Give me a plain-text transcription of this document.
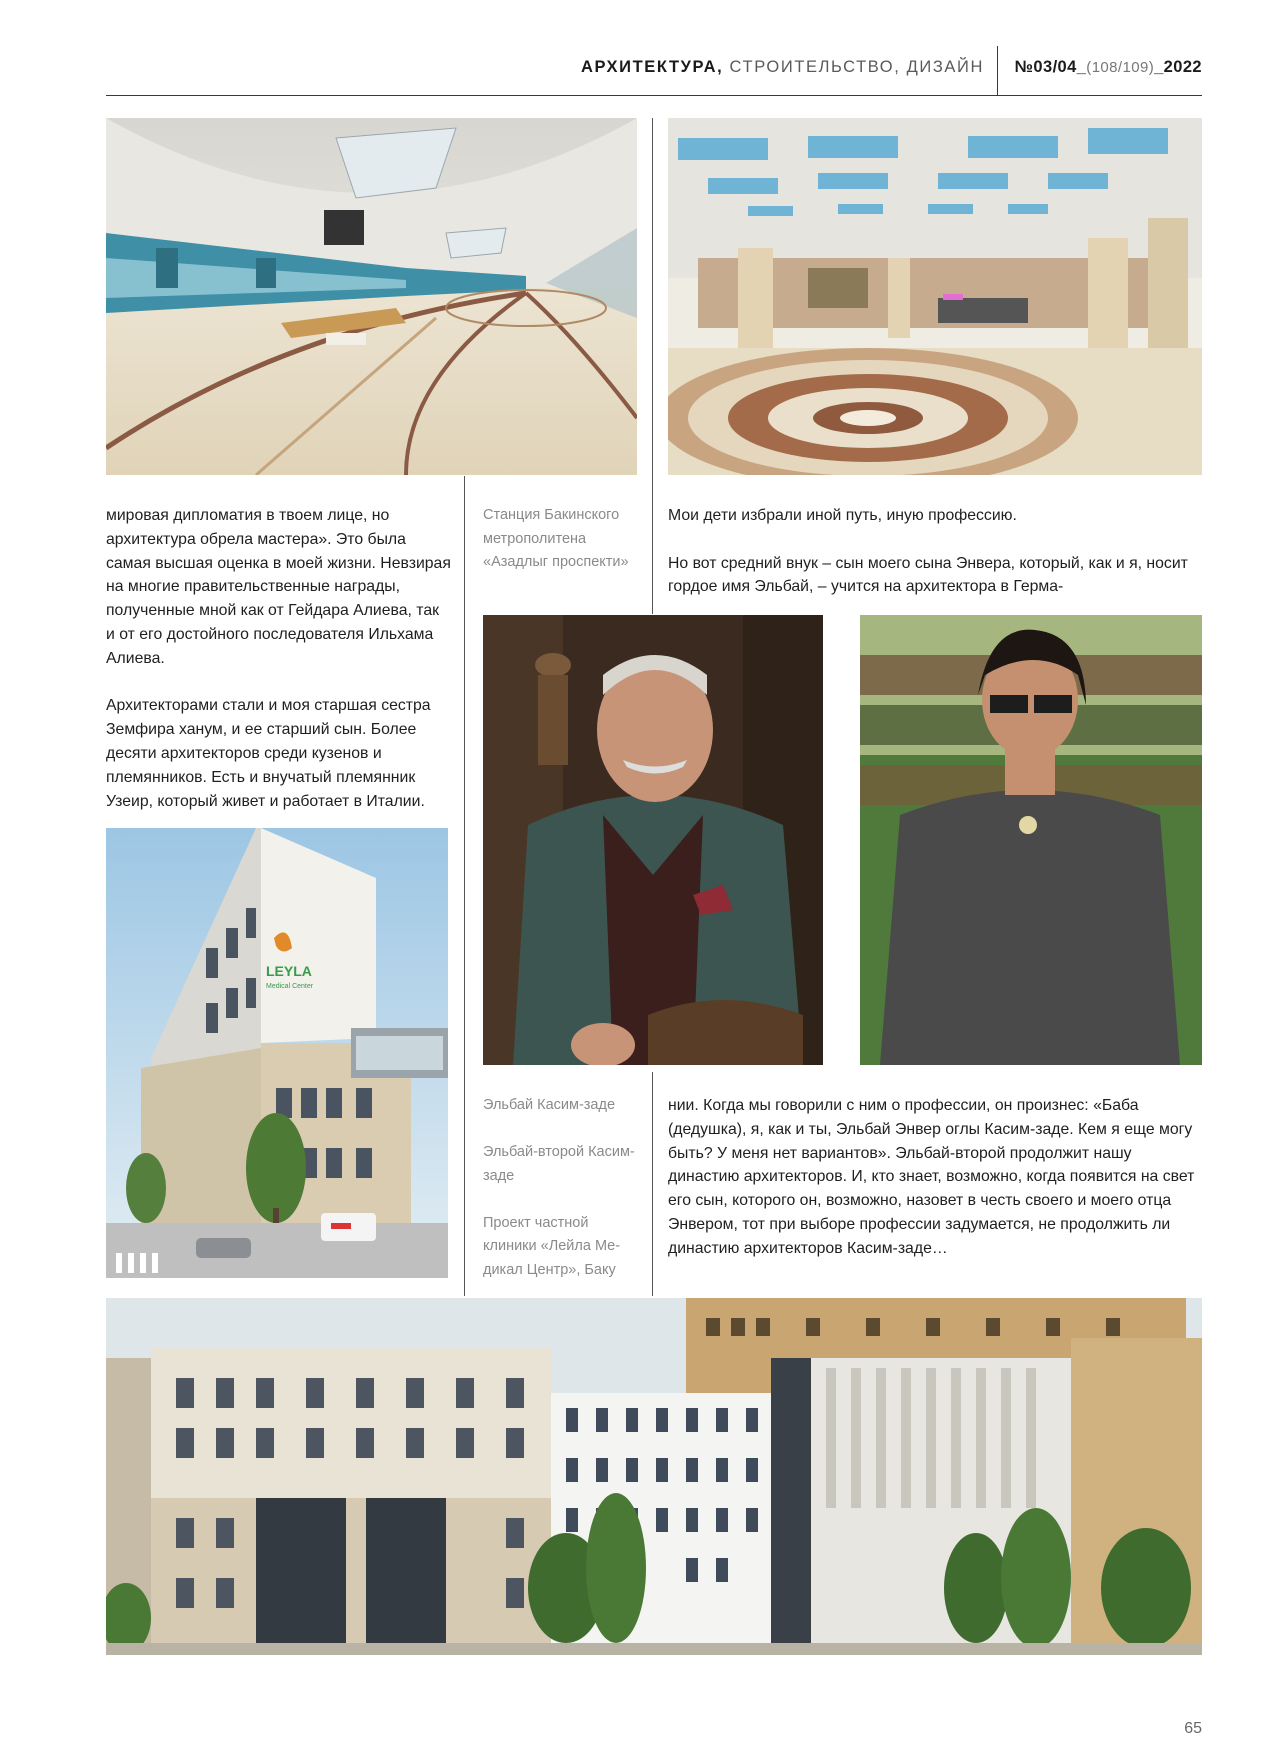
АРХИТЕКТУРА, СТРОИТЕЛЬСТВО, ДИЗАЙН №03/04_(108/109)_2022

мировая дипломатия в твоем лице, но архитектура обрела мастера». Это была самая высшая оценка в моей жизни. Невзирая на многие правительственные награды, полученные мной как от Гейдара Алиева, так и от его достойного последователя Ильхама Алиева.

Архитекторами стали и моя старшая сестра Земфира ханум, и ее старший сын. Более десяти архитекторов среди кузенов и племянников. Есть и внучатый племянник Узеир, который живет и работает в Италии.

Станция Бакинского метрополитена «Азадлыг проспекти»

Мои дети избрали иной путь, иную профессию.

Но вот средний внук – сын моего сына Энвера, который, как и я, носит гордое имя Эльбай, – учится на архитектора в Герма-

LEYLA
Medical Center

Эльбай Касим-заде

Эльбай-второй Касим-заде

Проект частной клиники «Лейла Медикал Центр», Баку

нии. Когда мы говорили с ним о профессии, он произнес: «Баба (дедушка), я, как и ты, Эльбай Энвер оглы Касим-заде. Кем я еще могу быть? У меня нет вариантов». Эльбай-второй продолжит нашу династию архитекторов. И, кто знает, возможно, когда появится на свет его сын, которого он, возможно, назовет в честь своего и моего отца Энвером, тот при выборе профессии задумается, не продолжить ли династию архитекторов Касим-заде…

65
